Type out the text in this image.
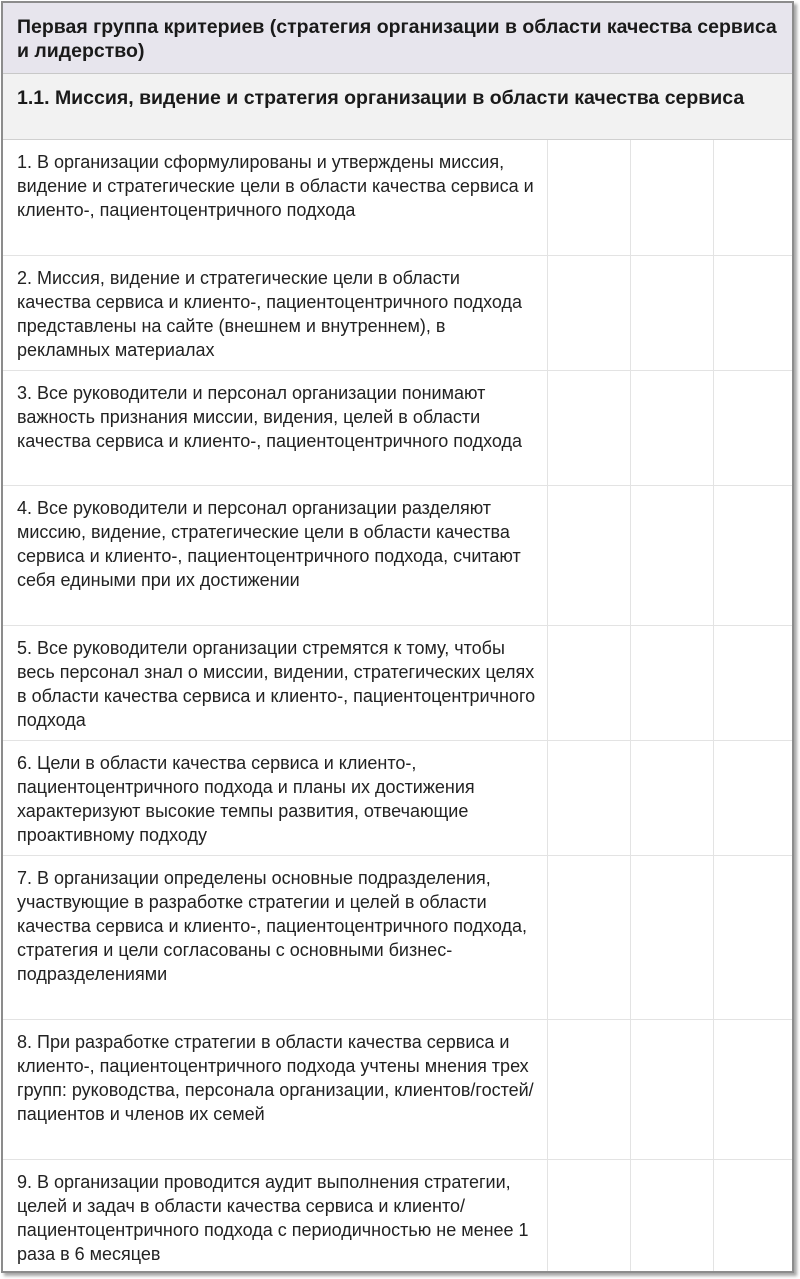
Первая группа критериев (стратегия организации в области качества сервиса и лидерство)
1.1. Миссия, видение и стратегия организации в области качества сервиса
1. В организации сформулированы и утверждены миссия, видение и стратегические цели в области качества сервиса и клиенто-, пациентоцентричного подхода			

2. Миссия, видение и стратегические цели в области качества сервиса и клиенто-, пациентоцентричного подхода представлены на сайте (внешнем и внутреннем), в рекламных материалах			

3. Все руководители и персонал организации понимают важность признания миссии, видения, целей в области качества сервиса и клиенто-, пациентоцентричного подхода			

4. Все руководители и персонал организации разделяют миссию, видение, стратегические цели в области качества сервиса и клиенто-, пациентоцентричного подхода, считают себя едиными при их достижении			

5. Все руководители организации стремятся к тому, чтобы весь персонал знал о миссии, видении, стратегических целях в области качества сервиса и клиенто-, пациентоцентричного подхода			

6. Цели в области качества сервиса и клиенто-, пациентоцентричного подхода и планы их достижения характеризуют высокие темпы развития, отвечающие проактивному подходу			

7. В организации определены основные подразделения, участвующие в разработке стратегии и целей в области качества сервиса и клиенто-, пациентоцентричного подхода, стратегия и цели согласованы с основными бизнес-подразделениями			

8. При разработке стратегии в области качества сервиса и клиенто-, пациентоцентричного подхода учтены мнения трех групп: руководства, персонала организации, клиентов/гостей/пациентов и членов их семей			

9. В организации проводится аудит выполнения стратегии, целей и задач в области качества сервиса и клиенто/пациентоцентричного подхода с периодичностью не менее 1 раза в 6 месяцев			
